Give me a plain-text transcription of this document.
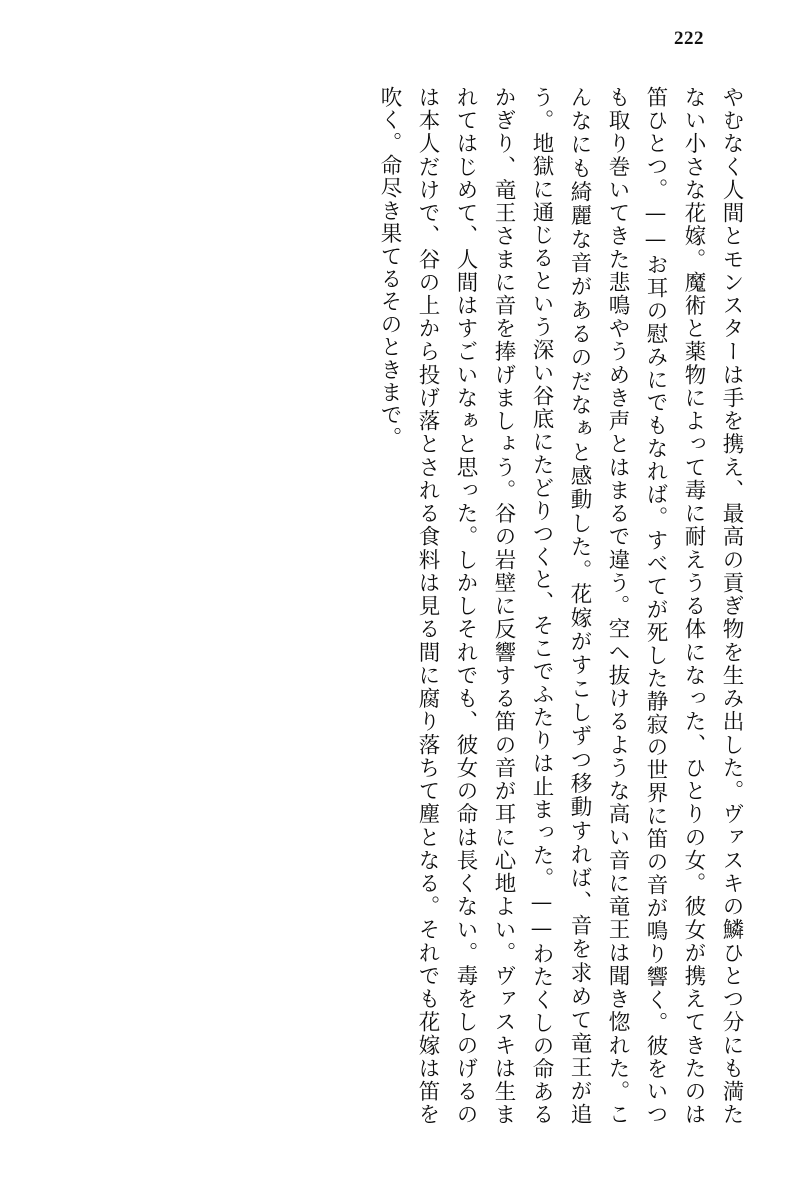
222
やむなく人間とモンスターは手を携え、最高の貢ぎ物を生み出した。ヴァスキの鱗ひとつ分にも満たない小さな花嫁。魔術と薬物によって毒に耐えうる体になった、ひとりの女。彼女が携えてきたのは笛ひとつ。——お耳の慰みにでもなれば。すべてが死した静寂の世界に笛の音が鳴り響く。彼をいつも取り巻いてきた悲鳴やうめき声とはまるで違う。空へ抜けるような高い音に竜王は聞き惚れた。こんなにも綺麗な音があるのだなぁと感動した。花嫁がすこしずつ移動すれば、音を求めて竜王が追う。地獄に通じるという深い谷底にたどりつくと、そこでふたりは止まった。——わたくしの命あるかぎり、竜王さまに音を捧げましょう。谷の岩壁に反響する笛の音が耳に心地よい。ヴァスキは生まれてはじめて、人間はすごいなぁと思った。しかしそれでも、彼女の命は長くない。毒をしのげるのは本人だけで、谷の上から投げ落とされる食料は見る間に腐り落ちて塵となる。それでも花嫁は笛を吹く。命尽き果てるそのときまで。
